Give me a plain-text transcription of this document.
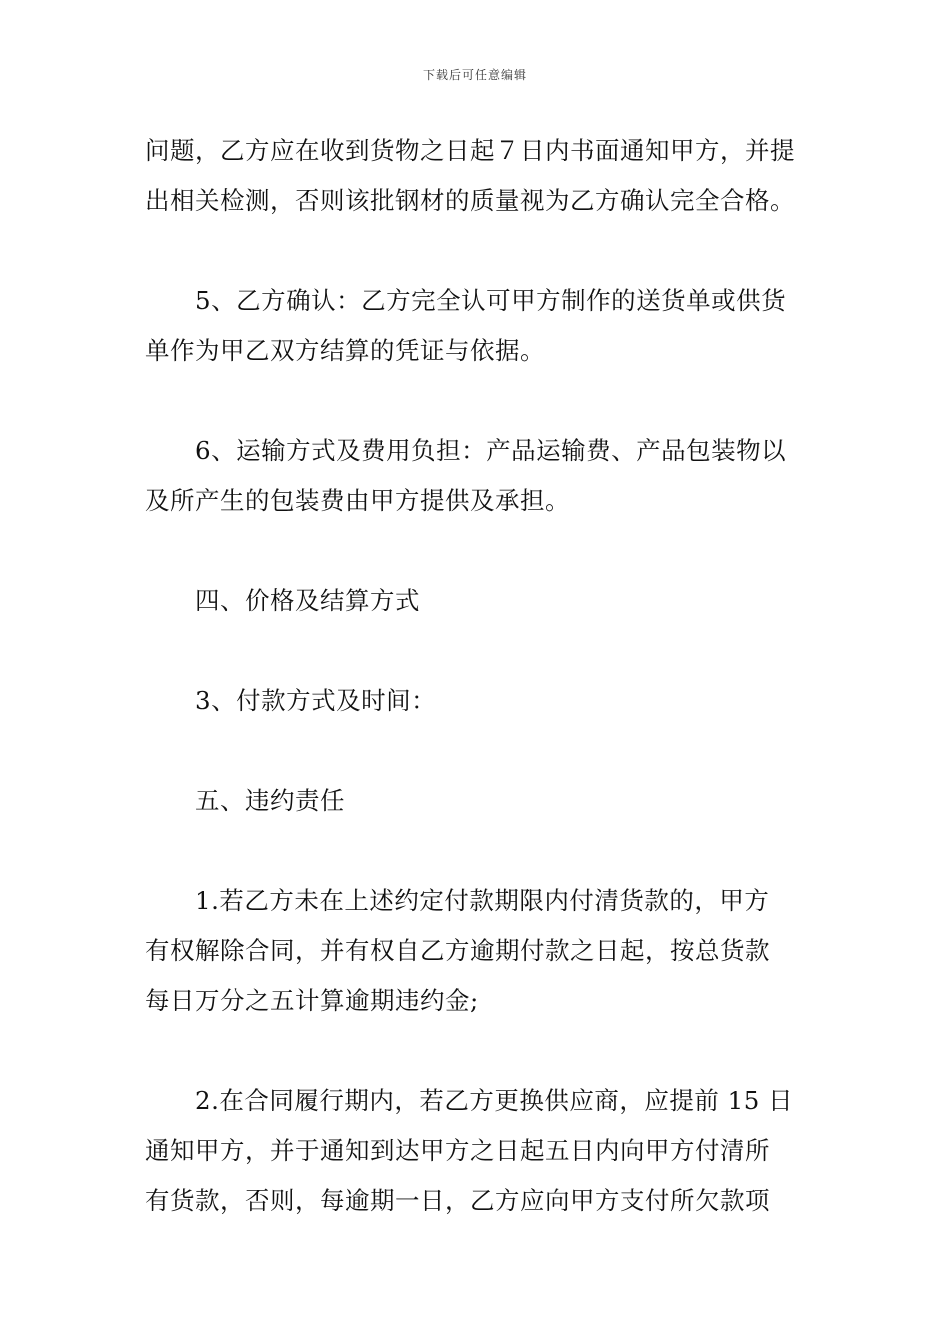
下载后可任意编辑

问题，乙方应在收到货物之日起７日内书面通知甲方，并提
出相关检测，否则该批钢材的质量视为乙方确认完全合格。

5、乙方确认：乙方完全认可甲方制作的送货单或供货
单作为甲乙双方结算的凭证与依据。

6、运输方式及费用负担：产品运输费、产品包装物以
及所产生的包装费由甲方提供及承担。

四、价格及结算方式

3、付款方式及时间：

五、违约责任

1.若乙方未在上述约定付款期限内付清货款的，甲方
有权解除合同，并有权自乙方逾期付款之日起，按总货款
每日万分之五计算逾期违约金;

2.在合同履行期内，若乙方更换供应商，应提前 15 日
通知甲方，并于通知到达甲方之日起五日内向甲方付清所
有货款，否则，每逾期一日，乙方应向甲方支付所欠款项
